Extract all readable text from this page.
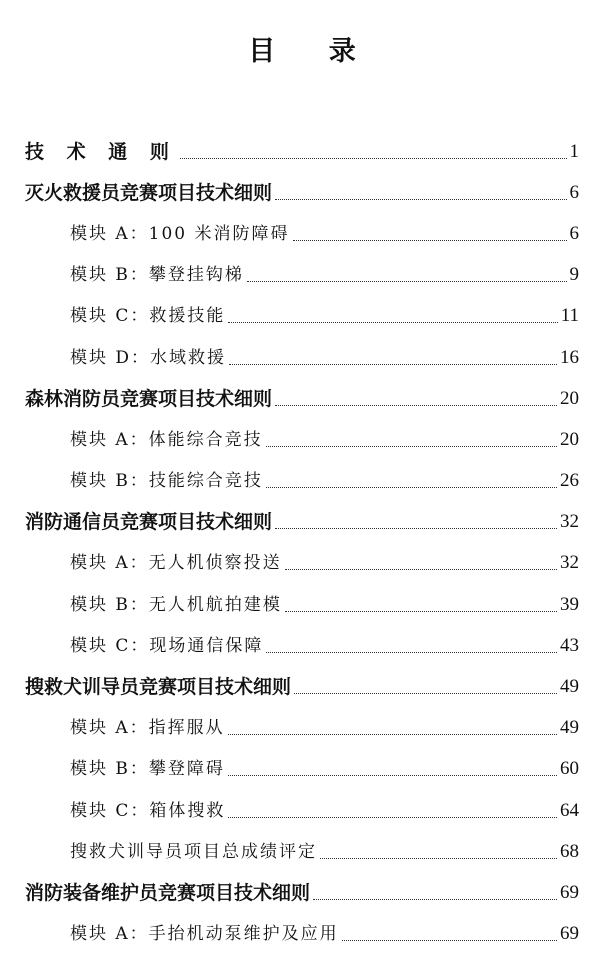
目 录
技 术 通 则	1
灭火救援员竞赛项目技术细则	6
模块 A：100 米消防障碍	6
模块 B：攀登挂钩梯	9
模块 C：救援技能	11
模块 D：水域救援	16
森林消防员竞赛项目技术细则	20
模块 A：体能综合竞技	20
模块 B：技能综合竞技	26
消防通信员竞赛项目技术细则	32
模块 A：无人机侦察投送	32
模块 B：无人机航拍建模	39
模块 C：现场通信保障	43
搜救犬训导员竞赛项目技术细则	49
模块 A：指挥服从	49
模块 B：攀登障碍	60
模块 C：箱体搜救	64
搜救犬训导员项目总成绩评定	68
消防装备维护员竞赛项目技术细则	69
模块 A：手抬机动泵维护及应用	69
